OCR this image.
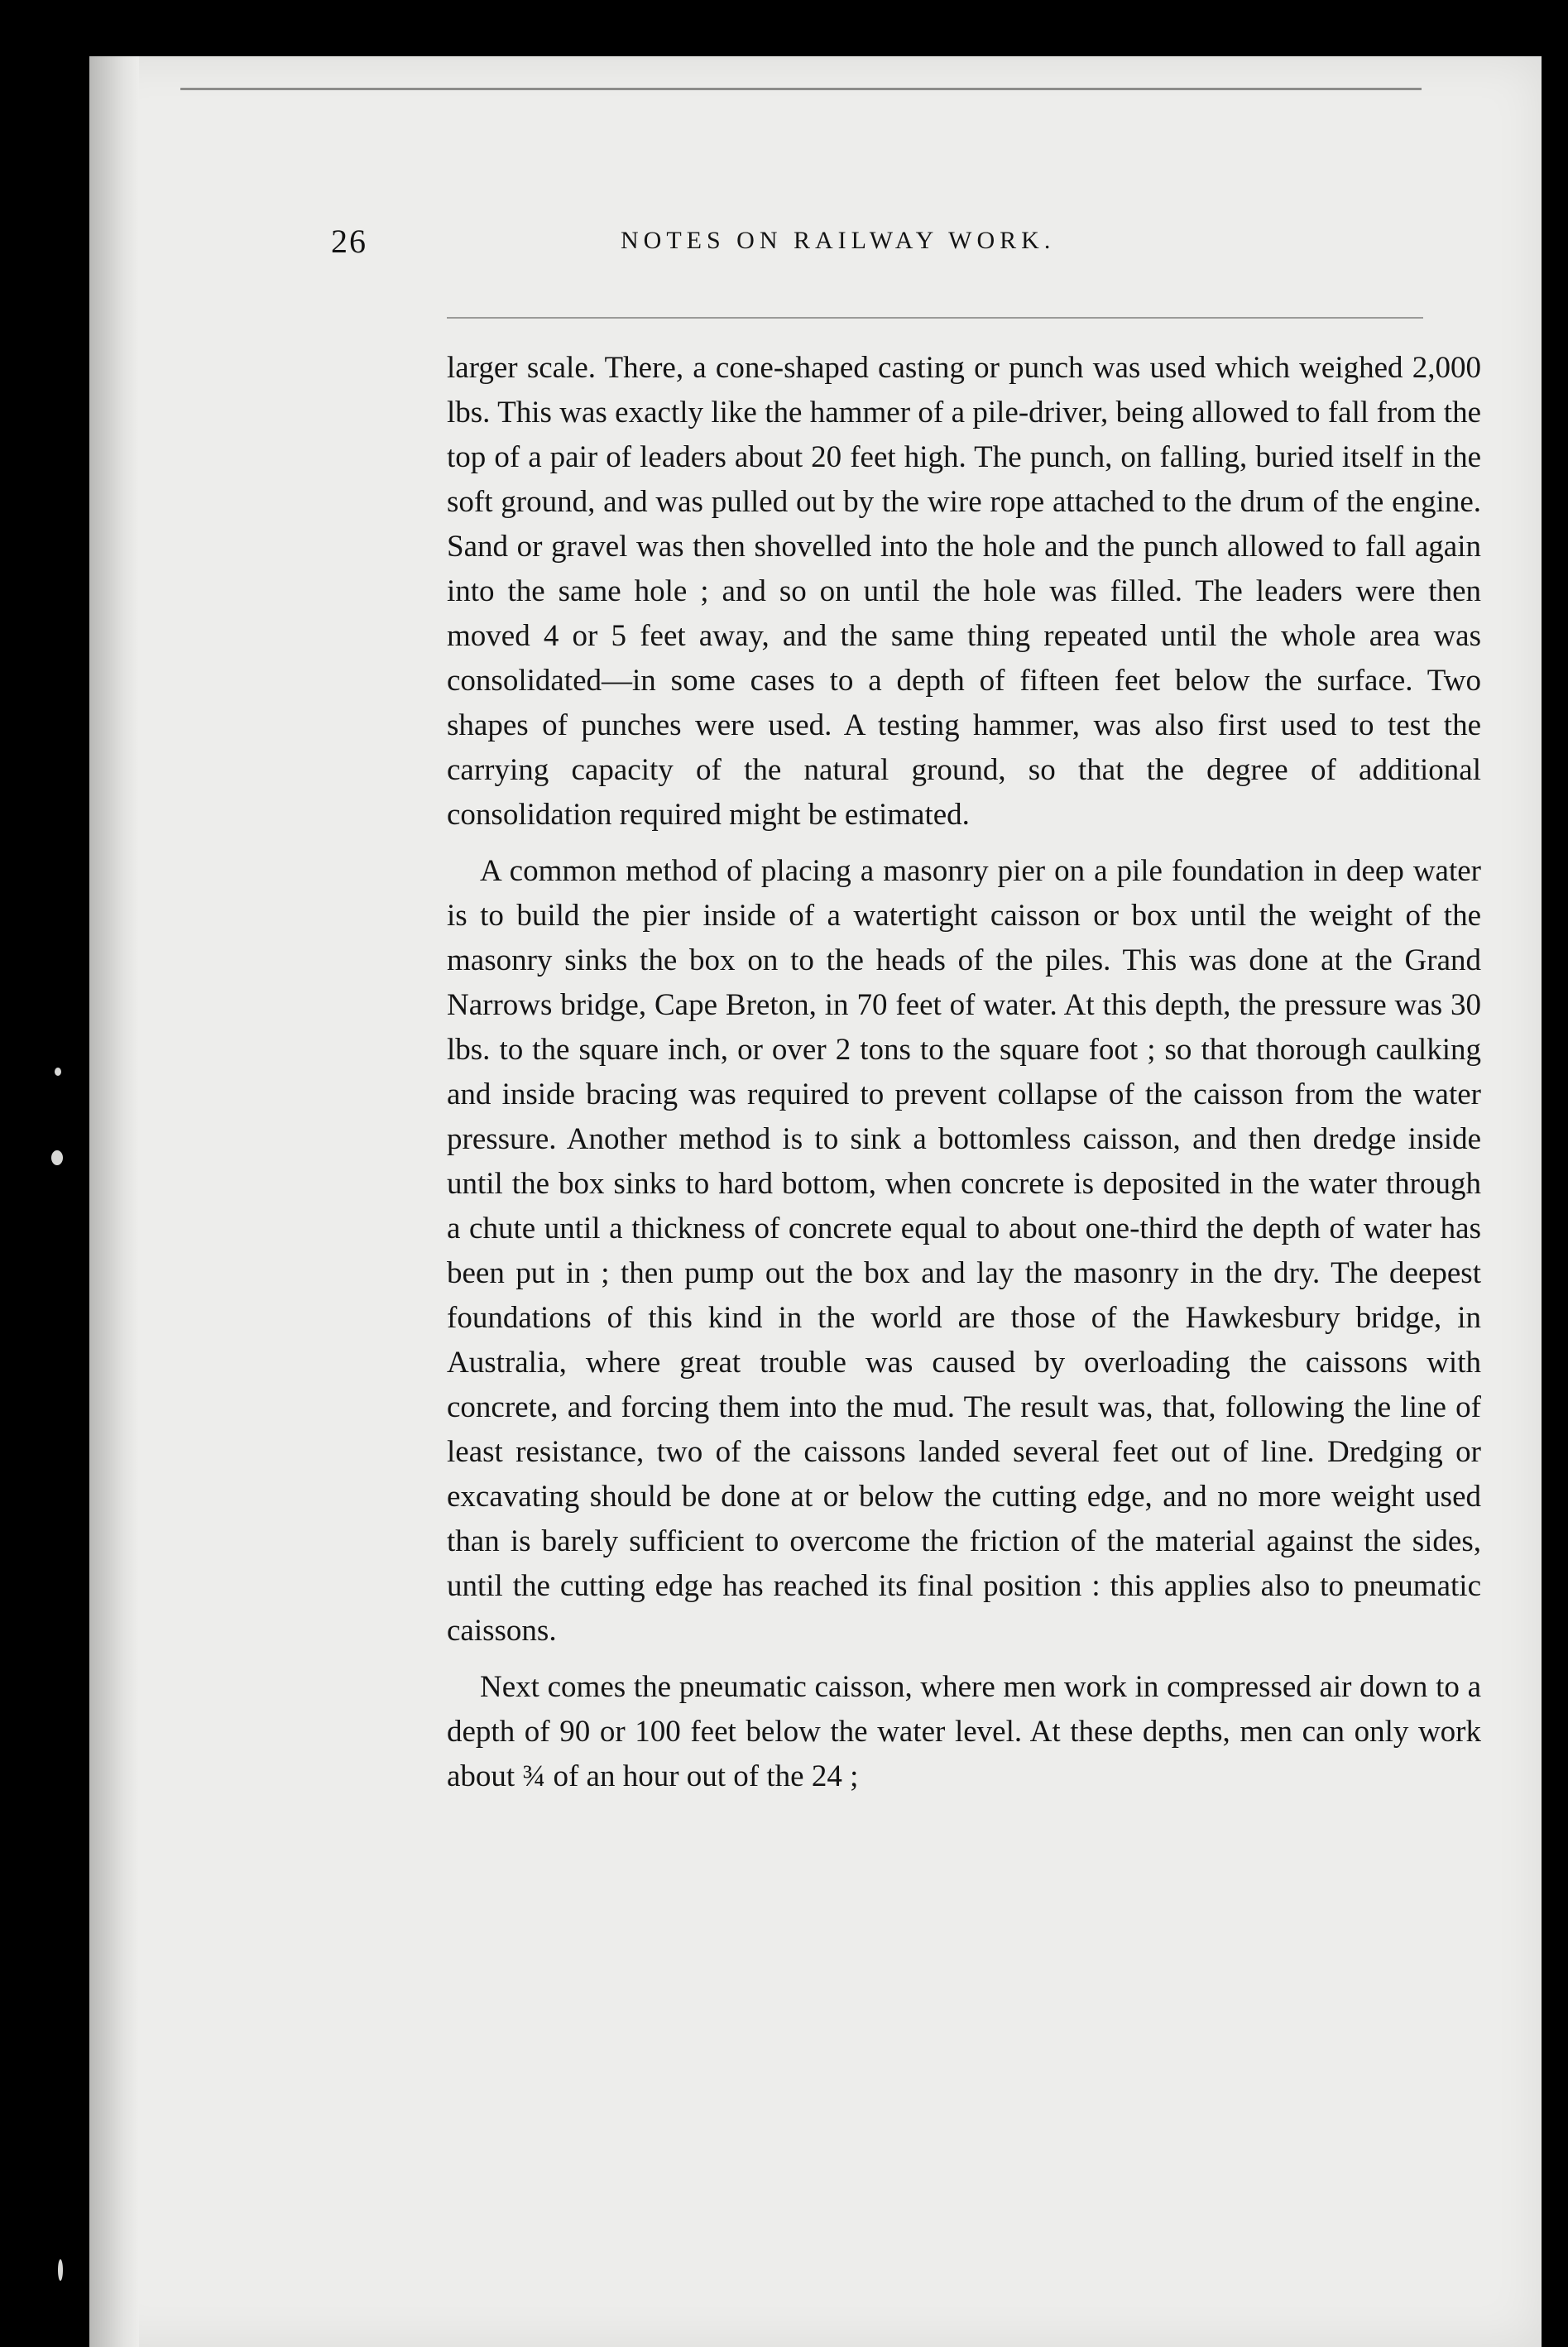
26	NOTES ON RAILWAY WORK.

larger scale. There, a cone-shaped casting or punch was used which weighed 2,000 lbs. This was exactly like the hammer of a pile-driver, being allowed to fall from the top of a pair of leaders about 20 feet high. The punch, on falling, buried itself in the soft ground, and was pulled out by the wire rope attached to the drum of the engine. Sand or gravel was then shovelled into the hole and the punch allowed to fall again into the same hole ; and so on until the hole was filled. The leaders were then moved 4 or 5 feet away, and the same thing repeated until the whole area was consolidated—in some cases to a depth of fifteen feet below the surface. Two shapes of punches were used. A testing hammer, was also first used to test the carrying capacity of the natural ground, so that the degree of additional consolidation required might be estimated.

A common method of placing a masonry pier on a pile foundation in deep water is to build the pier inside of a watertight caisson or box until the weight of the masonry sinks the box on to the heads of the piles. This was done at the Grand Narrows bridge, Cape Breton, in 70 feet of water. At this depth, the pressure was 30 lbs. to the square inch, or over 2 tons to the square foot ; so that thorough caulking and inside bracing was required to prevent collapse of the caisson from the water pressure. Another method is to sink a bottomless caisson, and then dredge inside until the box sinks to hard bottom, when concrete is deposited in the water through a chute until a thickness of concrete equal to about one-third the depth of water has been put in ; then pump out the box and lay the masonry in the dry. The deepest foundations of this kind in the world are those of the Hawkesbury bridge, in Australia, where great trouble was caused by overloading the caissons with concrete, and forcing them into the mud. The result was, that, following the line of least resistance, two of the caissons landed several feet out of line. Dredging or excavating should be done at or below the cutting edge, and no more weight used than is barely sufficient to overcome the friction of the material against the sides, until the cutting edge has reached its final position : this applies also to pneumatic caissons.

Next comes the pneumatic caisson, where men work in compressed air down to a depth of 90 or 100 feet below the water level. At these depths, men can only work about ¾ of an hour out of the 24 ;
